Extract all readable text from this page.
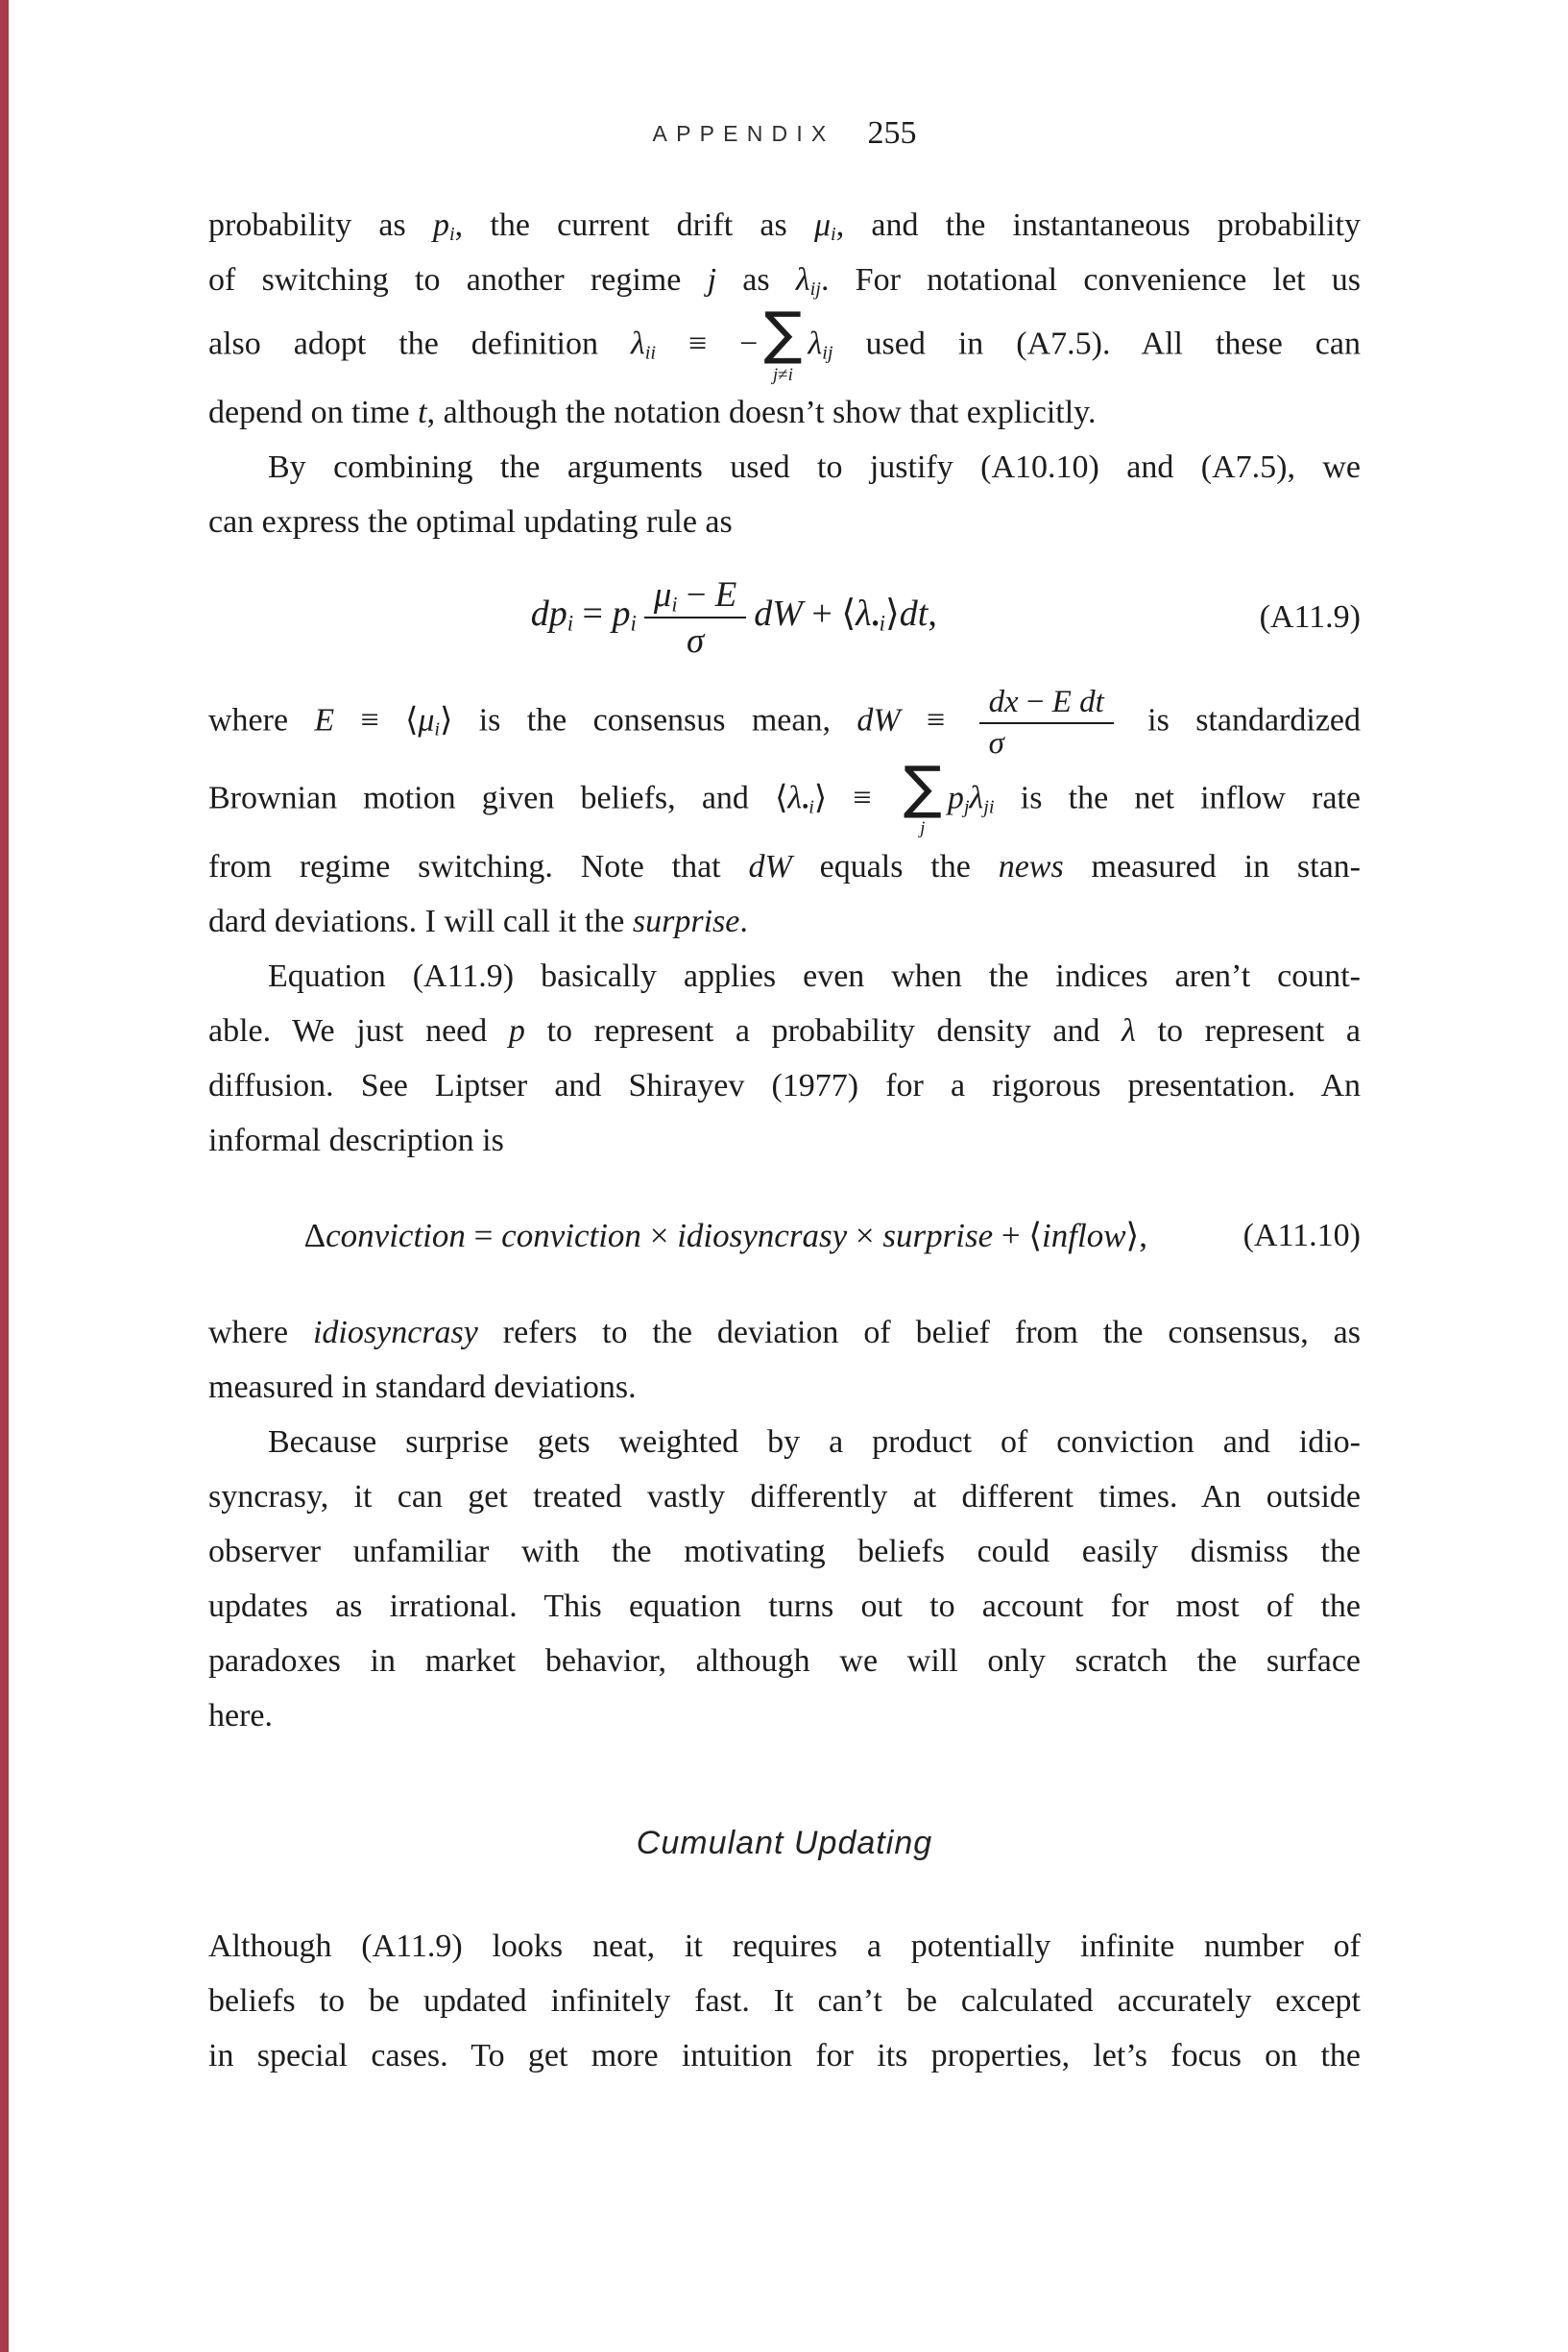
APPENDIX 255
probability as $p_i$, the current drift as $\mu_i$, and the instantaneous probability
of switching to another regime j as $\lambda_{ij}$. For notational convenience let us
also adopt the definition $\lambda_{ii}$ ≡ − ∑
j≠i
$\lambda_{ij}$ used in (A7.5). All these can
depend on time t, although the notation doesn’t show that explicitly.
By combining the arguments used to justify (A10.10) and (A7.5), we
can express the optimal updating rule as
$dp_i = p_i \frac{\mu_i - E}{\sigma}$ dW + $⟨\lambda_{•i}⟩dt$,	(A11.9)
where $E \equiv ⟨\mu_i⟩$ is the consensus mean, dW ≡ $\frac{\text{dx − E dt}}{\sigma}$ is standardized
Brownian motion given beliefs, and $⟨\lambda_{•i}⟩$ ≡ ∑
j
$p_j\lambda_{ji}$ is the net inflow rate
from regime switching. Note that dW equals the news measured in stan-
dard deviations. I will call it the surprise.
Equation (A11.9) basically applies even when the indices aren’t count-
able. We just need p to represent a probability density and λ to represent a
diffusion. See Liptser and Shirayev (1977) for a rigorous presentation. An
informal description is
Δconviction = conviction × idiosyncrasy × surprise + ⟨inflow⟩,	(A11.10)
where idiosyncrasy refers to the deviation of belief from the consensus, as
measured in standard deviations.
Because surprise gets weighted by a product of conviction and idio-
syncrasy, it can get treated vastly differently at different times. An outside
observer unfamiliar with the motivating beliefs could easily dismiss the
updates as irrational. This equation turns out to account for most of the
paradoxes in market behavior, although we will only scratch the surface
here.
Cumulant Updating
Although (A11.9) looks neat, it requires a potentially infinite number of
beliefs to be updated infinitely fast. It can’t be calculated accurately except
in special cases. To get more intuition for its properties, let’s focus on the
